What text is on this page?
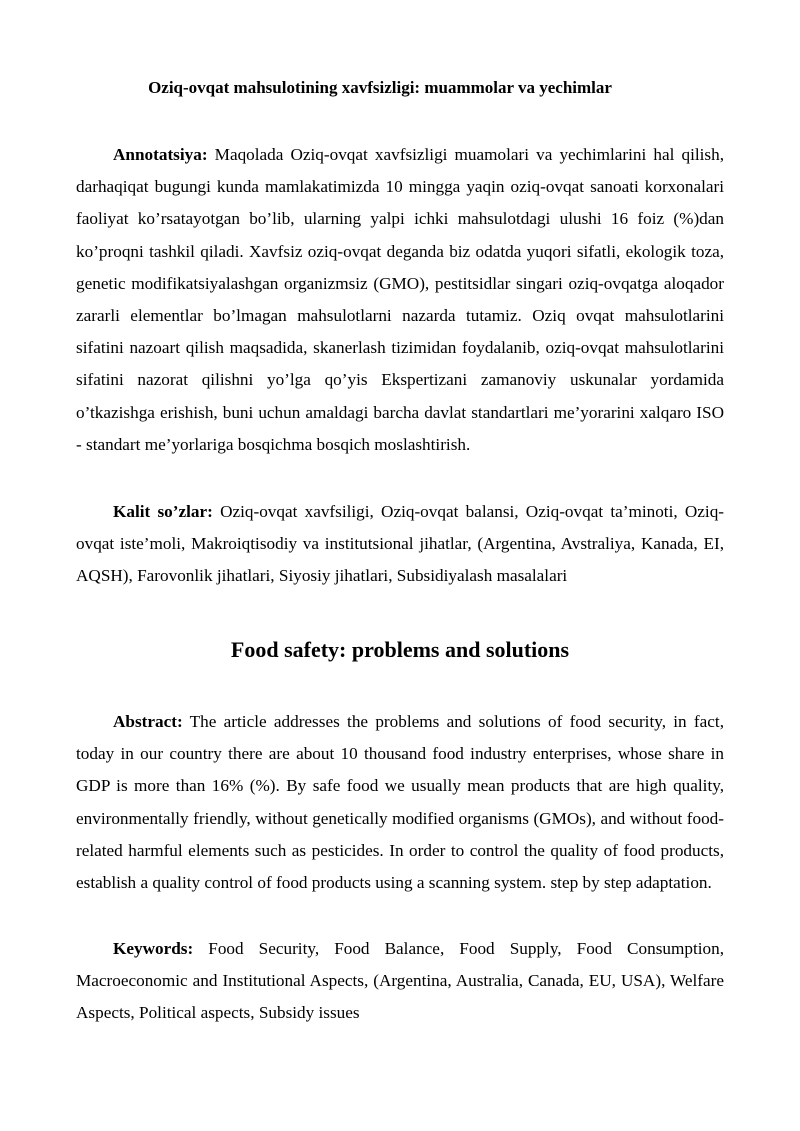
Oziq-ovqat mahsulotining xavfsizligi: muammolar va yechimlar

Annotatsiya: Maqolada Oziq-ovqat xavfsizligi muamolari va yechimlarini hal qilish, darhaqiqat bugungi kunda mamlakatimizda 10 mingga yaqin oziq-ovqat sanoati korxonalari faoliyat ko’rsatayotgan bo’lib, ularning yalpi ichki mahsulotdagi ulushi 16 foiz (%)dan ko’proqni tashkil qiladi. Xavfsiz oziq-ovqat deganda biz odatda yuqori sifatli, ekologik toza, genetic modifikatsiyalashgan organizmsiz (GMO), pestitsidlar singari oziq-ovqatga aloqador zararli elementlar bo’lmagan mahsulotlarni nazarda tutamiz. Oziq ovqat mahsulotlarini sifatini nazoart qilish maqsadida, skanerlash tizimidan foydalanib, oziq-ovqat mahsulotlarini sifatini nazorat qilishni yo’lga qo’yis Ekspertizani zamanoviy uskunalar yordamida o’tkazishga erishish, buni uchun amaldagi barcha davlat standartlari me’yorarini xalqaro ISO - standart me’yorlariga bosqichma bosqich moslashtirish.

Kalit so’zlar: Oziq-ovqat xavfsiligi, Oziq-ovqat balansi, Oziq-ovqat ta’minoti, Oziq-ovqat iste’moli, Makroiqtisodiy va institutsional jihatlar, (Argentina, Avstraliya, Kanada, EI, AQSH), Farovonlik jihatlari, Siyosiy jihatlari, Subsidiyalash masalalari

Food safety: problems and solutions

Abstract: The article addresses the problems and solutions of food security, in fact, today in our country there are about 10 thousand food industry enterprises, whose share in GDP is more than 16% (%). By safe food we usually mean products that are high quality, environmentally friendly, without genetically modified organisms (GMOs), and without food-related harmful elements such as pesticides. In order to control the quality of food products, establish a quality control of food products using a scanning system. step by step adaptation.

Keywords: Food Security, Food Balance, Food Supply, Food Consumption, Macroeconomic and Institutional Aspects, (Argentina, Australia, Canada, EU, USA), Welfare Aspects, Political aspects, Subsidy issues
